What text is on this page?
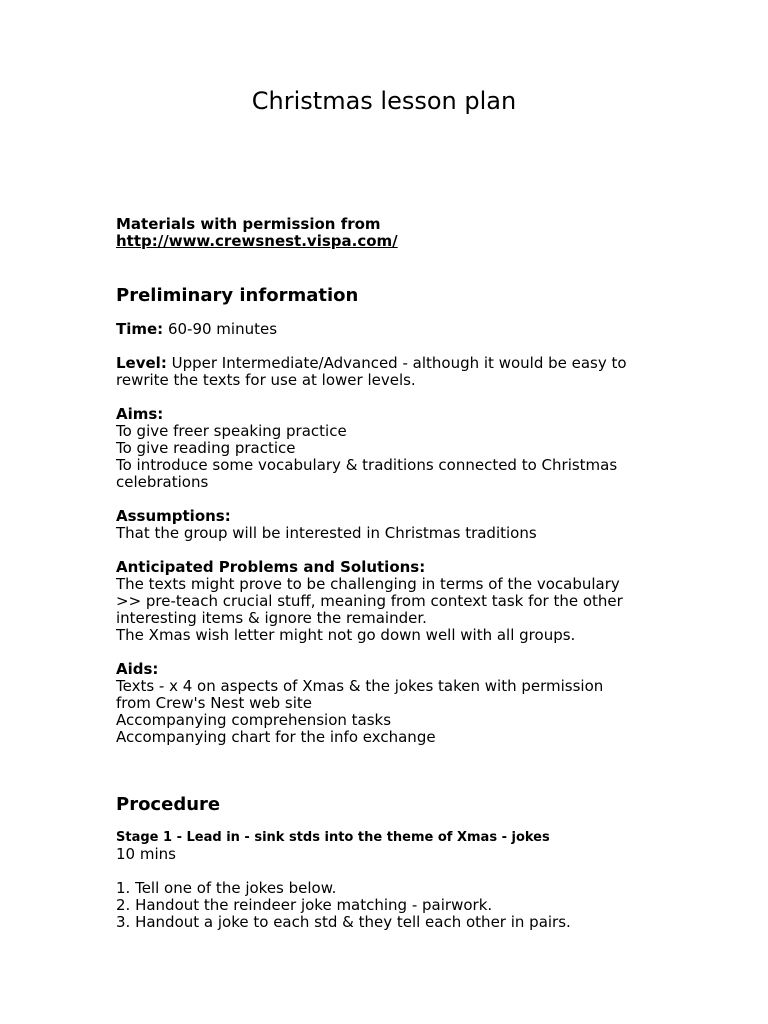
Christmas lesson plan

Materials with permission from

http://www.crewsnest.vispa.com/

Preliminary information

Time: 60-90 minutes

Level: Upper Intermediate/Advanced - although it would be easy to

rewrite the texts for use at lower levels.

Aims:

To give freer speaking practice

To give reading practice

To introduce some vocabulary & traditions connected to Christmas

celebrations

Assumptions:

That the group will be interested in Christmas traditions

Anticipated Problems and Solutions:

The texts might prove to be challenging in terms of the vocabulary

>> pre-teach crucial stuff, meaning from context task for the other

interesting items & ignore the remainder.

The Xmas wish letter might not go down well with all groups.

Aids:

Texts - x 4 on aspects of Xmas & the jokes taken with permission

from Crew's Nest web site

Accompanying comprehension tasks

Accompanying chart for the info exchange

Procedure

Stage 1 - Lead in - sink stds into the theme of Xmas - jokes

10 mins

1. Tell one of the jokes below.

2. Handout the reindeer joke matching - pairwork.

3. Handout a joke to each std & they tell each other in pairs.
